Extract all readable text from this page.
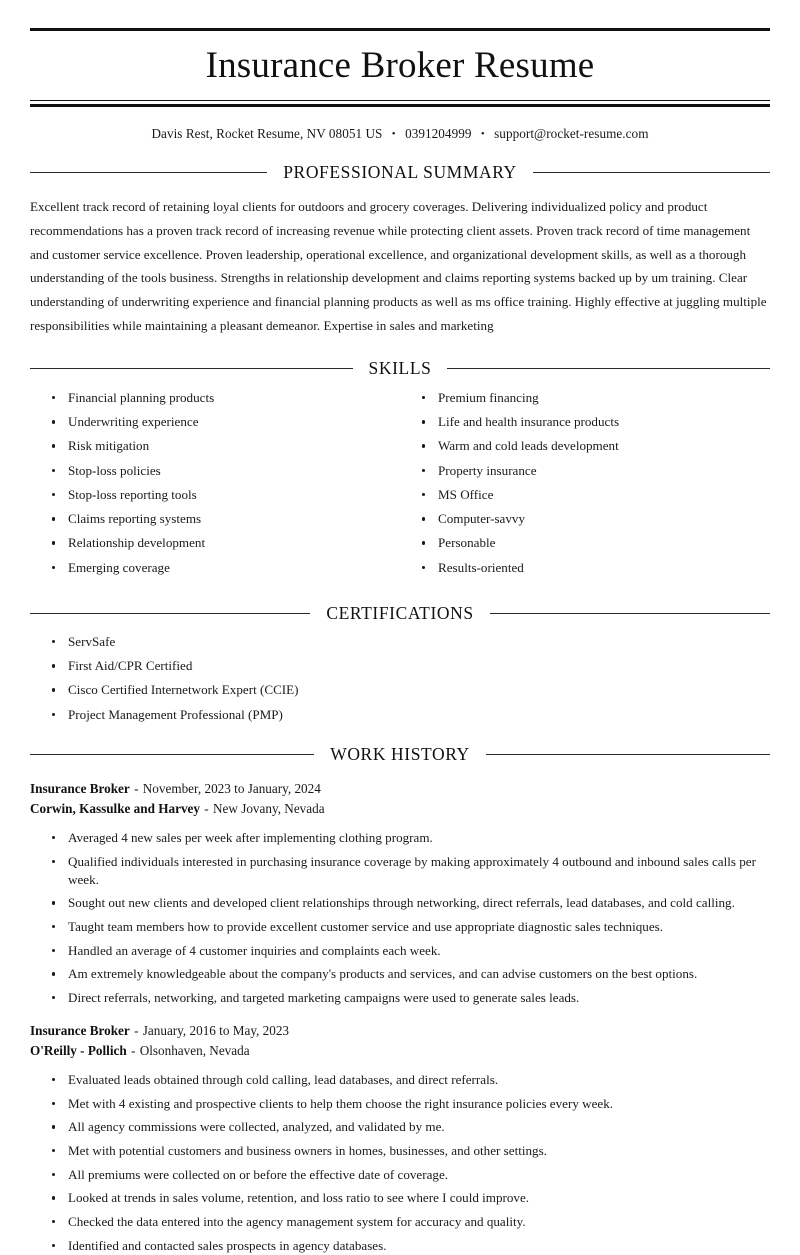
Insurance Broker Resume
Davis Rest, Rocket Resume, NV 08051 US • 0391204999 • support@rocket-resume.com
PROFESSIONAL SUMMARY

Excellent track record of retaining loyal clients for outdoors and grocery coverages. Delivering individualized policy and product recommendations has a proven track record of increasing revenue while protecting client assets. Proven track record of time management and customer service excellence. Proven leadership, operational excellence, and organizational development skills, as well as a thorough understanding of the tools business. Strengths in relationship development and claims reporting systems backed up by um training. Clear understanding of underwriting experience and financial planning products as well as ms office training. Highly effective at juggling multiple responsibilities while maintaining a pleasant demeanor. Expertise in sales and marketing

SKILLS
Financial planning products
Underwriting experience
Risk mitigation
Stop-loss policies
Stop-loss reporting tools
Claims reporting systems
Relationship development
Emerging coverage
Premium financing
Life and health insurance products
Warm and cold leads development
Property insurance
MS Office
Computer-savvy
Personable
Results-oriented
CERTIFICATIONS
ServSafe
First Aid/CPR Certified
Cisco Certified Internetwork Expert (CCIE)
Project Management Professional (PMP)
WORK HISTORY
Insurance Broker - November, 2023 to January, 2024
Corwin, Kassulke and Harvey - New Jovany, Nevada
Averaged 4 new sales per week after implementing clothing program.
Qualified individuals interested in purchasing insurance coverage by making approximately 4 outbound and inbound sales calls per week.
Sought out new clients and developed client relationships through networking, direct referrals, lead databases, and cold calling.
Taught team members how to provide excellent customer service and use appropriate diagnostic sales techniques.
Handled an average of 4 customer inquiries and complaints each week.
Am extremely knowledgeable about the company's products and services, and can advise customers on the best options.
Direct referrals, networking, and targeted marketing campaigns were used to generate sales leads.
Insurance Broker - January, 2016 to May, 2023
O'Reilly - Pollich - Olsonhaven, Nevada
Evaluated leads obtained through cold calling, lead databases, and direct referrals.
Met with 4 existing and prospective clients to help them choose the right insurance policies every week.
All agency commissions were collected, analyzed, and validated by me.
Met with potential customers and business owners in homes, businesses, and other settings.
All premiums were collected on or before the effective date of coverage.
Looked at trends in sales volume, retention, and loss ratio to see where I could improve.
Checked the data entered into the agency management system for accuracy and quality.
Identified and contacted sales prospects in agency databases.
